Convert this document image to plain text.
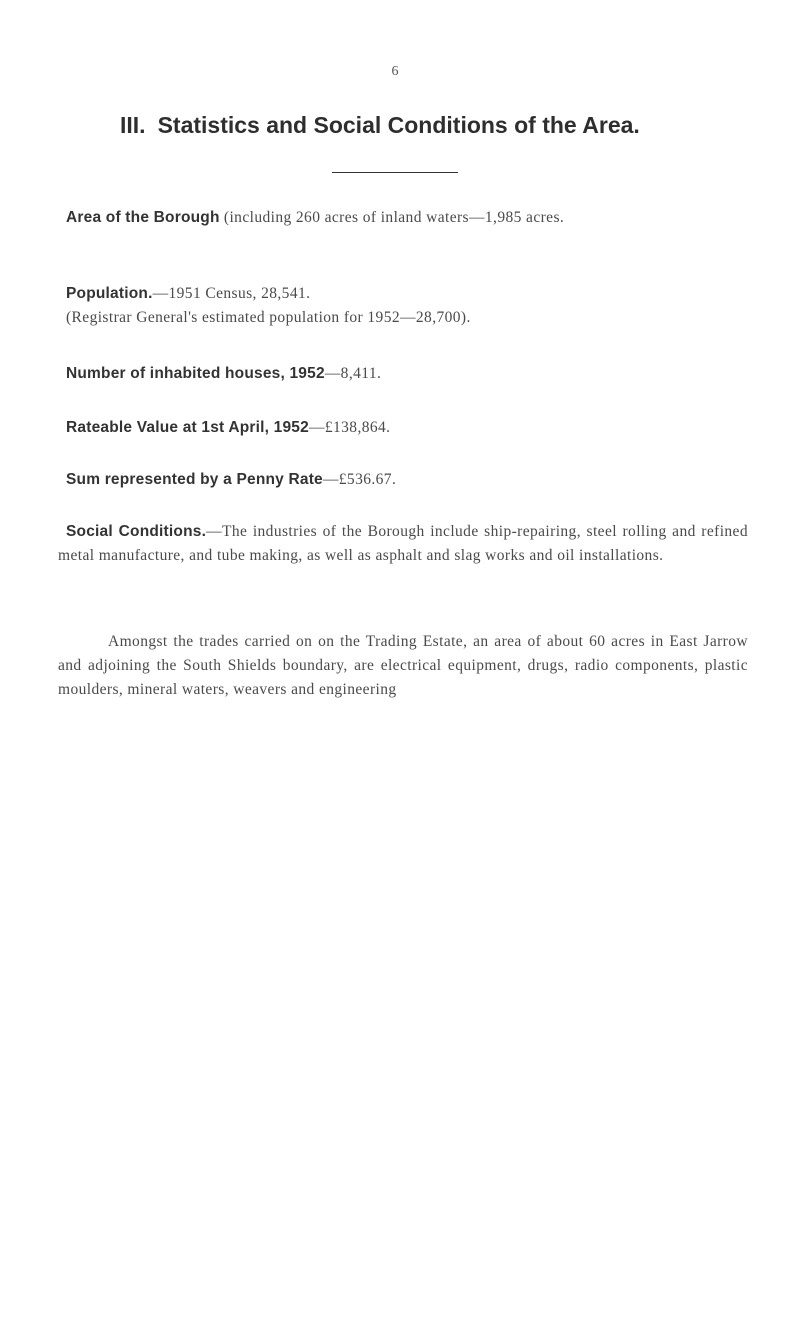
6
III. Statistics and Social Conditions of the Area.
Area of the Borough (including 260 acres of inland waters—1,985 acres.
Population.—1951 Census, 28,541.
(Registrar General's estimated population for 1952—28,700).
Number of inhabited houses, 1952—8,411.
Rateable Value at 1st April, 1952—£138,864.
Sum represented by a Penny Rate—£536.67.
Social Conditions.—The industries of the Borough include ship-repairing, steel rolling and refined metal manufacture, and tube making, as well as asphalt and slag works and oil installations.
Amongst the trades carried on on the Trading Estate, an area of about 60 acres in East Jarrow and adjoining the South Shields boundary, are electrical equipment, drugs, radio components, plastic moulders, mineral waters, weavers and engineering
